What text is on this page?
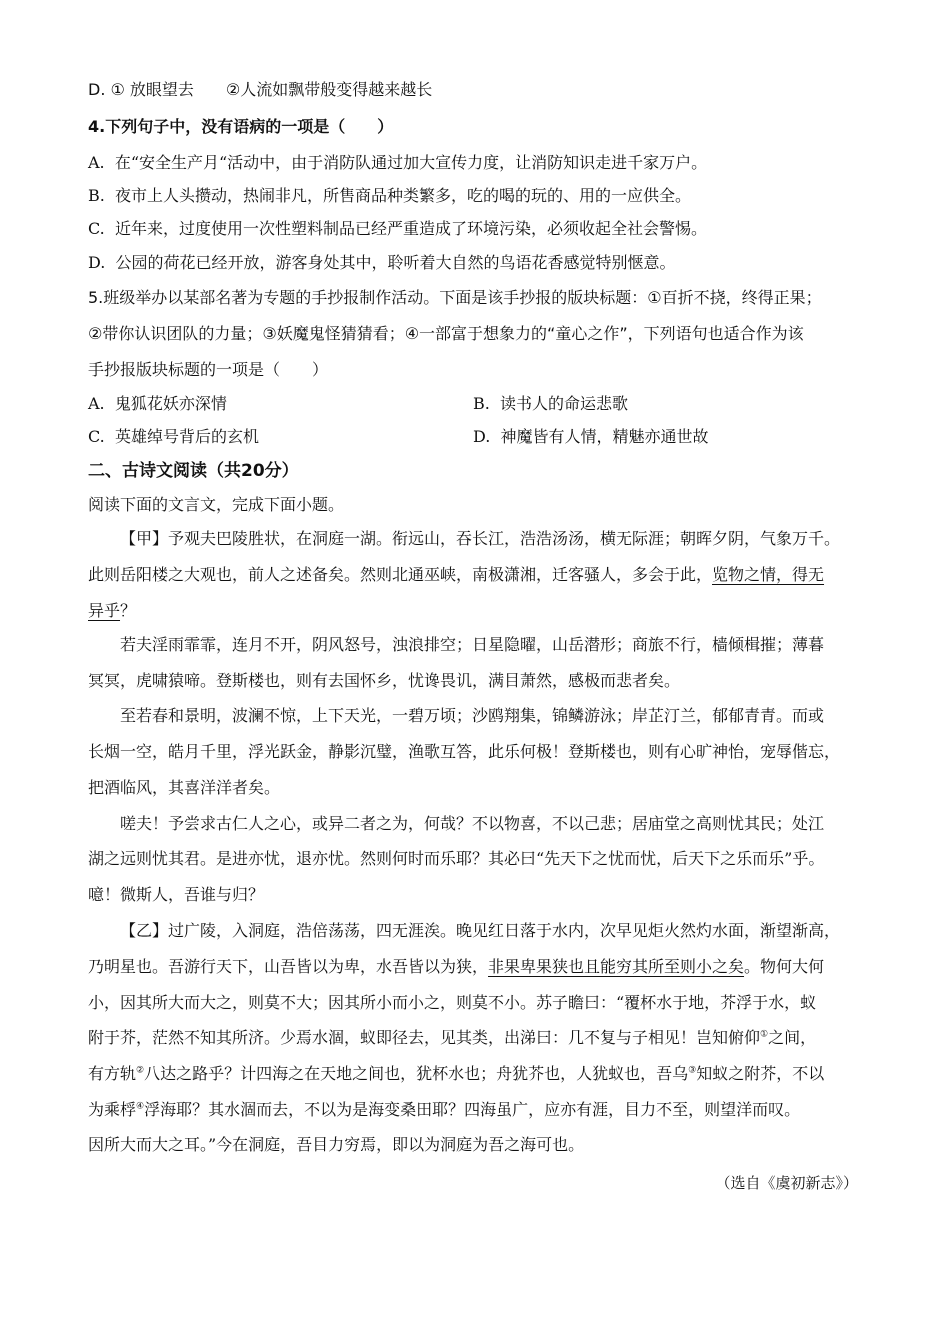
D. ① 放眼望去　　②人流如飘带般变得越来越长
4.下列句子中，没有语病的一项是（　　）
A. 在“安全生产月“活动中，由于消防队通过加大宣传力度，让消防知识走进千家万户。
B. 夜市上人头攒动，热闹非凡，所售商品种类繁多，吃的喝的玩的、用的一应供全。
C. 近年来，过度使用一次性塑料制品已经严重造成了环境污染，必须收起全社会警惕。
D. 公园的荷花已经开放，游客身处其中，聆听着大自然的鸟语花香感觉特别惬意。
5.班级举办以某部名著为专题的手抄报制作活动。下面是该手抄报的版块标题：①百折不挠，终得正果；
②带你认识团队的力量；③妖魔鬼怪猜猜看；④一部富于想象力的“童心之作”，下列语句也适合作为该
手抄报版块标题的一项是（　　）
A. 鬼狐花妖亦深情	B. 读书人的命运悲歌
C. 英雄绰号背后的玄机	D. 神魔皆有人情，精魅亦通世故
二、古诗文阅读（共20分）
阅读下面的文言文，完成下面小题。
【甲】予观夫巴陵胜状，在洞庭一湖。衔远山，吞长江，浩浩汤汤，横无际涯；朝晖夕阴，气象万千。
此则岳阳楼之大观也，前人之述备矣。然则北通巫峡，南极潇湘，迁客骚人，多会于此，览物之情，得无
异乎？
若夫淫雨霏霏，连月不开，阴风怒号，浊浪排空；日星隐曜，山岳潜形；商旅不行，樯倾楫摧；薄暮
冥冥，虎啸猿啼。登斯楼也，则有去国怀乡，忧谗畏讥，满目萧然，感极而悲者矣。
至若春和景明，波澜不惊，上下天光，一碧万顷；沙鸥翔集，锦鳞游泳；岸芷汀兰，郁郁青青。而或
长烟一空，皓月千里，浮光跃金，静影沉璧，渔歌互答，此乐何极！登斯楼也，则有心旷神怡，宠辱偕忘，
把酒临风，其喜洋洋者矣。
嗟夫！予尝求古仁人之心，或异二者之为，何哉？不以物喜，不以己悲；居庙堂之高则忧其民；处江
湖之远则忧其君。是进亦忧，退亦忧。然则何时而乐耶？其必曰“先天下之忧而忧，后天下之乐而乐”乎。
噫！微斯人，吾谁与归？
【乙】过广陵，入洞庭，浩倍荡荡，四无涯涘。晚见红日落于水内，次早见炬火然灼水面，渐望渐高，
乃明星也。吾游行天下，山吾皆以为卑，水吾皆以为狭，非果卑果狭也且能穷其所至则小之矣。物何大何
小，因其所大而大之，则莫不大；因其所小而小之，则莫不小。苏子瞻曰：“覆杯水于地，芥浮于水，蚁
附于芥，茫然不知其所济。少焉水涸，蚁即径去，见其类，出涕曰：几不复与子相见！岂知俯仰①之间，
有方轨②八达之路乎？计四海之在天地之间也，犹杯水也；舟犹芥也，人犹蚁也，吾乌③知蚁之附芥，不以
为乘桴④浮海耶？其水涸而去，不以为是海变桑田耶？四海虽广，应亦有涯，目力不至，则望洋而叹。
因所大而大之耳。”今在洞庭，吾目力穷焉，即以为洞庭为吾之海可也。
（选自《虞初新志》）
